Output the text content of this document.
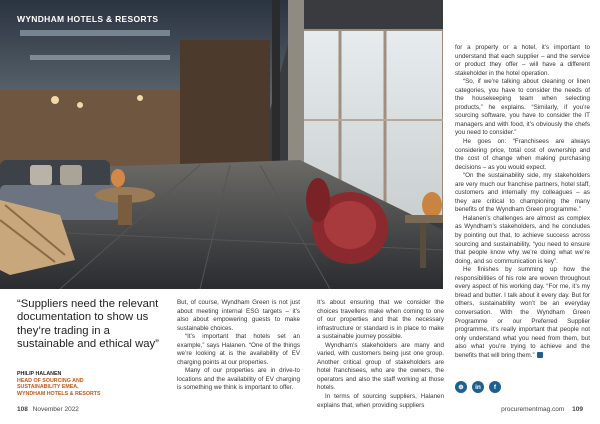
WYNDHAM HOTELS & RESORTS

for a property or a hotel, it’s important to understand that each supplier – and the service or product they offer – will have a different stakeholder in the hotel operation.

“So, if we’re talking about cleaning or linen categories, you have to consider the needs of the housekeeping team when selecting products,” he explains. “Similarly, if you’re sourcing software, you have to consider the IT managers and with food, it’s obviously the chefs you need to consider.”

He goes on: “Franchisees are always considering price, total cost of ownership and the cost of change when making purchasing decisions – as you would expect.

“On the sustainability side, my stakeholders are very much our franchise partners, hotel staff, customers and internally my colleagues – as they are critical to championing the many benefits of the Wyndham Green programme.”

Halanen’s challenges are almost as complex as Wyndham’s stakeholders, and he concludes by pointing out that, to achieve success across sourcing and sustainability, “you need to ensure that people know why we’re doing what we’re doing, and so communication is key”.

He finishes by summing up how the responsibilities of his role are woven throughout every aspect of his working day. “For me, it’s my bread and butter. I talk about it every day. But for others, sustainability won’t be an everyday conversation. With the Wyndham Green Programme or our Preferred Supplier programme, it’s really important that people not only understand what you need from them, but also what you’re trying to achieve and the benefits that will bring them.”

“Suppliers need the relevant documentation to show us they’re trading in a sustainable and ethical way”
PHILIP HALANEN
HEAD OF SOURCING AND
SUSTAINABILITY EMEA,
WYNDHAM HOTELS & RESORTS

But, of course, Wyndham Green is not just about meeting internal ESG targets – it’s also about empowering guests to make sustainable choices.

“It’s important that hotels set an example,” says Halanen. “One of the things we’re looking at is the availability of EV charging points at our properties.

Many of our properties are in drive-to locations and the availability of EV charging is something we think is important to offer.

It’s about ensuring that we consider the choices travellers make when coming to one of our properties and that the necessary infrastructure or standard is in place to make a sustainable journey possible.

Wyndham’s stakeholders are many and varied, with customers being just one group. Another critical group of stakeholders are hotel franchisees, who are the owners, the operators and also the staff working at those hotels.

In terms of sourcing suppliers, Halanen explains that, when providing suppliers

⊕	in	f
108 November 2022	procurementmag.com 109
